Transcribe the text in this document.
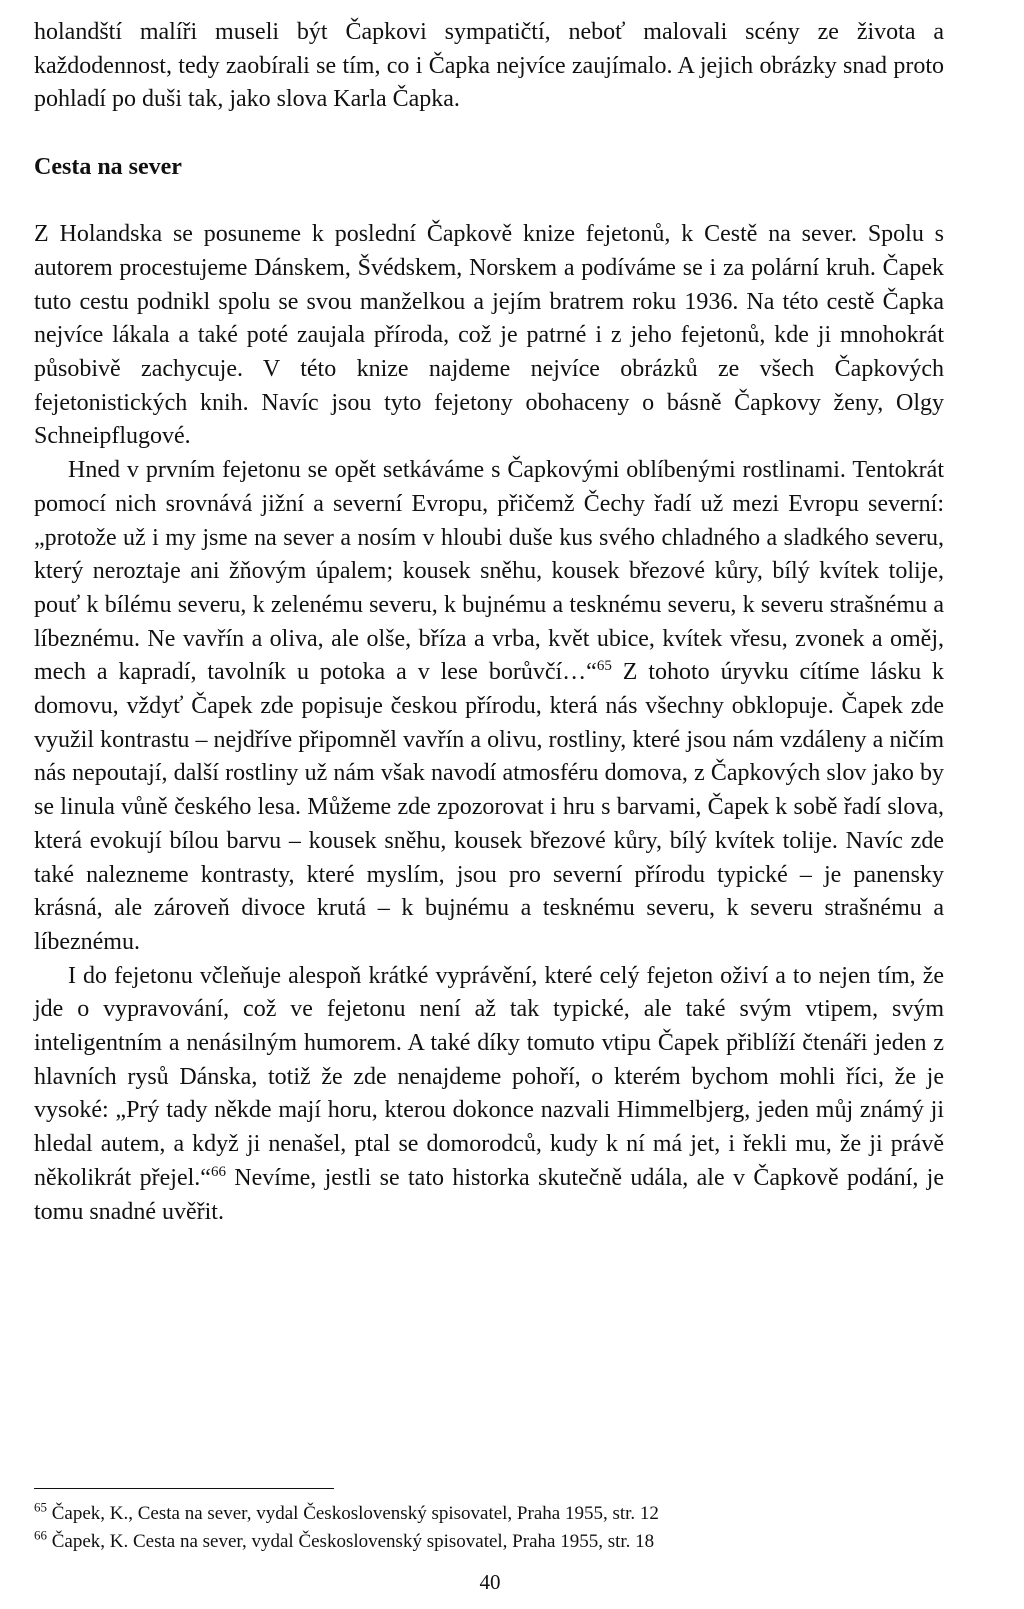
holandští malíři museli být Čapkovi sympatičtí, neboť malovali scény ze života a každodennost, tedy zaobírali se tím, co i Čapka nejvíce zaujímalo. A jejich obrázky snad proto pohladí po duši tak, jako slova Karla Čapka.

Cesta na sever

Z Holandska se posuneme k poslední Čapkově knize fejetonů, k Cestě na sever. Spolu s autorem procestujeme Dánskem, Švédskem, Norskem a podíváme se i za polární kruh. Čapek tuto cestu podnikl spolu se svou manželkou a jejím bratrem roku 1936. Na této cestě Čapka nejvíce lákala a také poté zaujala příroda, což je patrné i z jeho fejetonů, kde ji mnohokrát působivě zachycuje. V této knize najdeme nejvíce obrázků ze všech Čapkových fejetonistických knih. Navíc jsou tyto fejetony obohaceny o básně Čapkovy ženy, Olgy Schneipflugové.

Hned v prvním fejetonu se opět setkáváme s Čapkovými oblíbenými rostlinami. Tentokrát pomocí nich srovnává jižní a severní Evropu, přičemž Čechy řadí už mezi Evropu severní: „protože už i my jsme na sever a nosím v hloubi duše kus svého chladného a sladkého severu, který neroztaje ani žňovým úpalem; kousek sněhu, kousek březové kůry, bílý kvítek tolije, pouť k bílému severu, k zelenému severu, k bujnému a tesknému severu, k severu strašnému a líbeznému. Ne vavřín a oliva, ale olše, bříza a vrba, květ ubice, kvítek vřesu, zvonek a oměj, mech a kapradí, tavolník u potoka a v lese borůvčí…“$^{65}$ Z tohoto úryvku cítíme lásku k domovu, vždyť Čapek zde popisuje českou přírodu, která nás všechny obklopuje. Čapek zde využil kontrastu – nejdříve připomněl vavřín a olivu, rostliny, které jsou nám vzdáleny a ničím nás nepoutají, další rostliny už nám však navodí atmosféru domova, z Čapkových slov jako by se linula vůně českého lesa. Můžeme zde zpozorovat i hru s barvami, Čapek k sobě řadí slova, která evokují bílou barvu – kousek sněhu, kousek březové kůry, bílý kvítek tolije. Navíc zde také nalezneme kontrasty, které myslím, jsou pro severní přírodu typické – je panensky krásná, ale zároveň divoce krutá – k bujnému a tesknému severu, k severu strašnému a líbeznému.

I do fejetonu včleňuje alespoň krátké vyprávění, které celý fejeton oživí a to nejen tím, že jde o vypravování, což ve fejetonu není až tak typické, ale také svým vtipem, svým inteligentním a nenásilným humorem. A také díky tomuto vtipu Čapek přiblíží čtenáři jeden z hlavních rysů Dánska, totiž že zde nenajdeme pohoří, o kterém bychom mohli říci, že je vysoké: „Prý tady někde mají horu, kterou dokonce nazvali Himmelbjerg, jeden můj známý ji hledal autem, a když ji nenašel, ptal se domorodců, kudy k ní má jet, i řekli mu, že ji právě několikrát přejel.“$^{66}$ Nevíme, jestli se tato historka skutečně udála, ale v Čapkově podání, je tomu snadné uvěřit.

$^{65}$ Čapek, K., Cesta na sever, vydal Československý spisovatel, Praha 1955, str. 12

$^{66}$ Čapek, K. Cesta na sever, vydal Československý spisovatel, Praha 1955, str. 18

40
